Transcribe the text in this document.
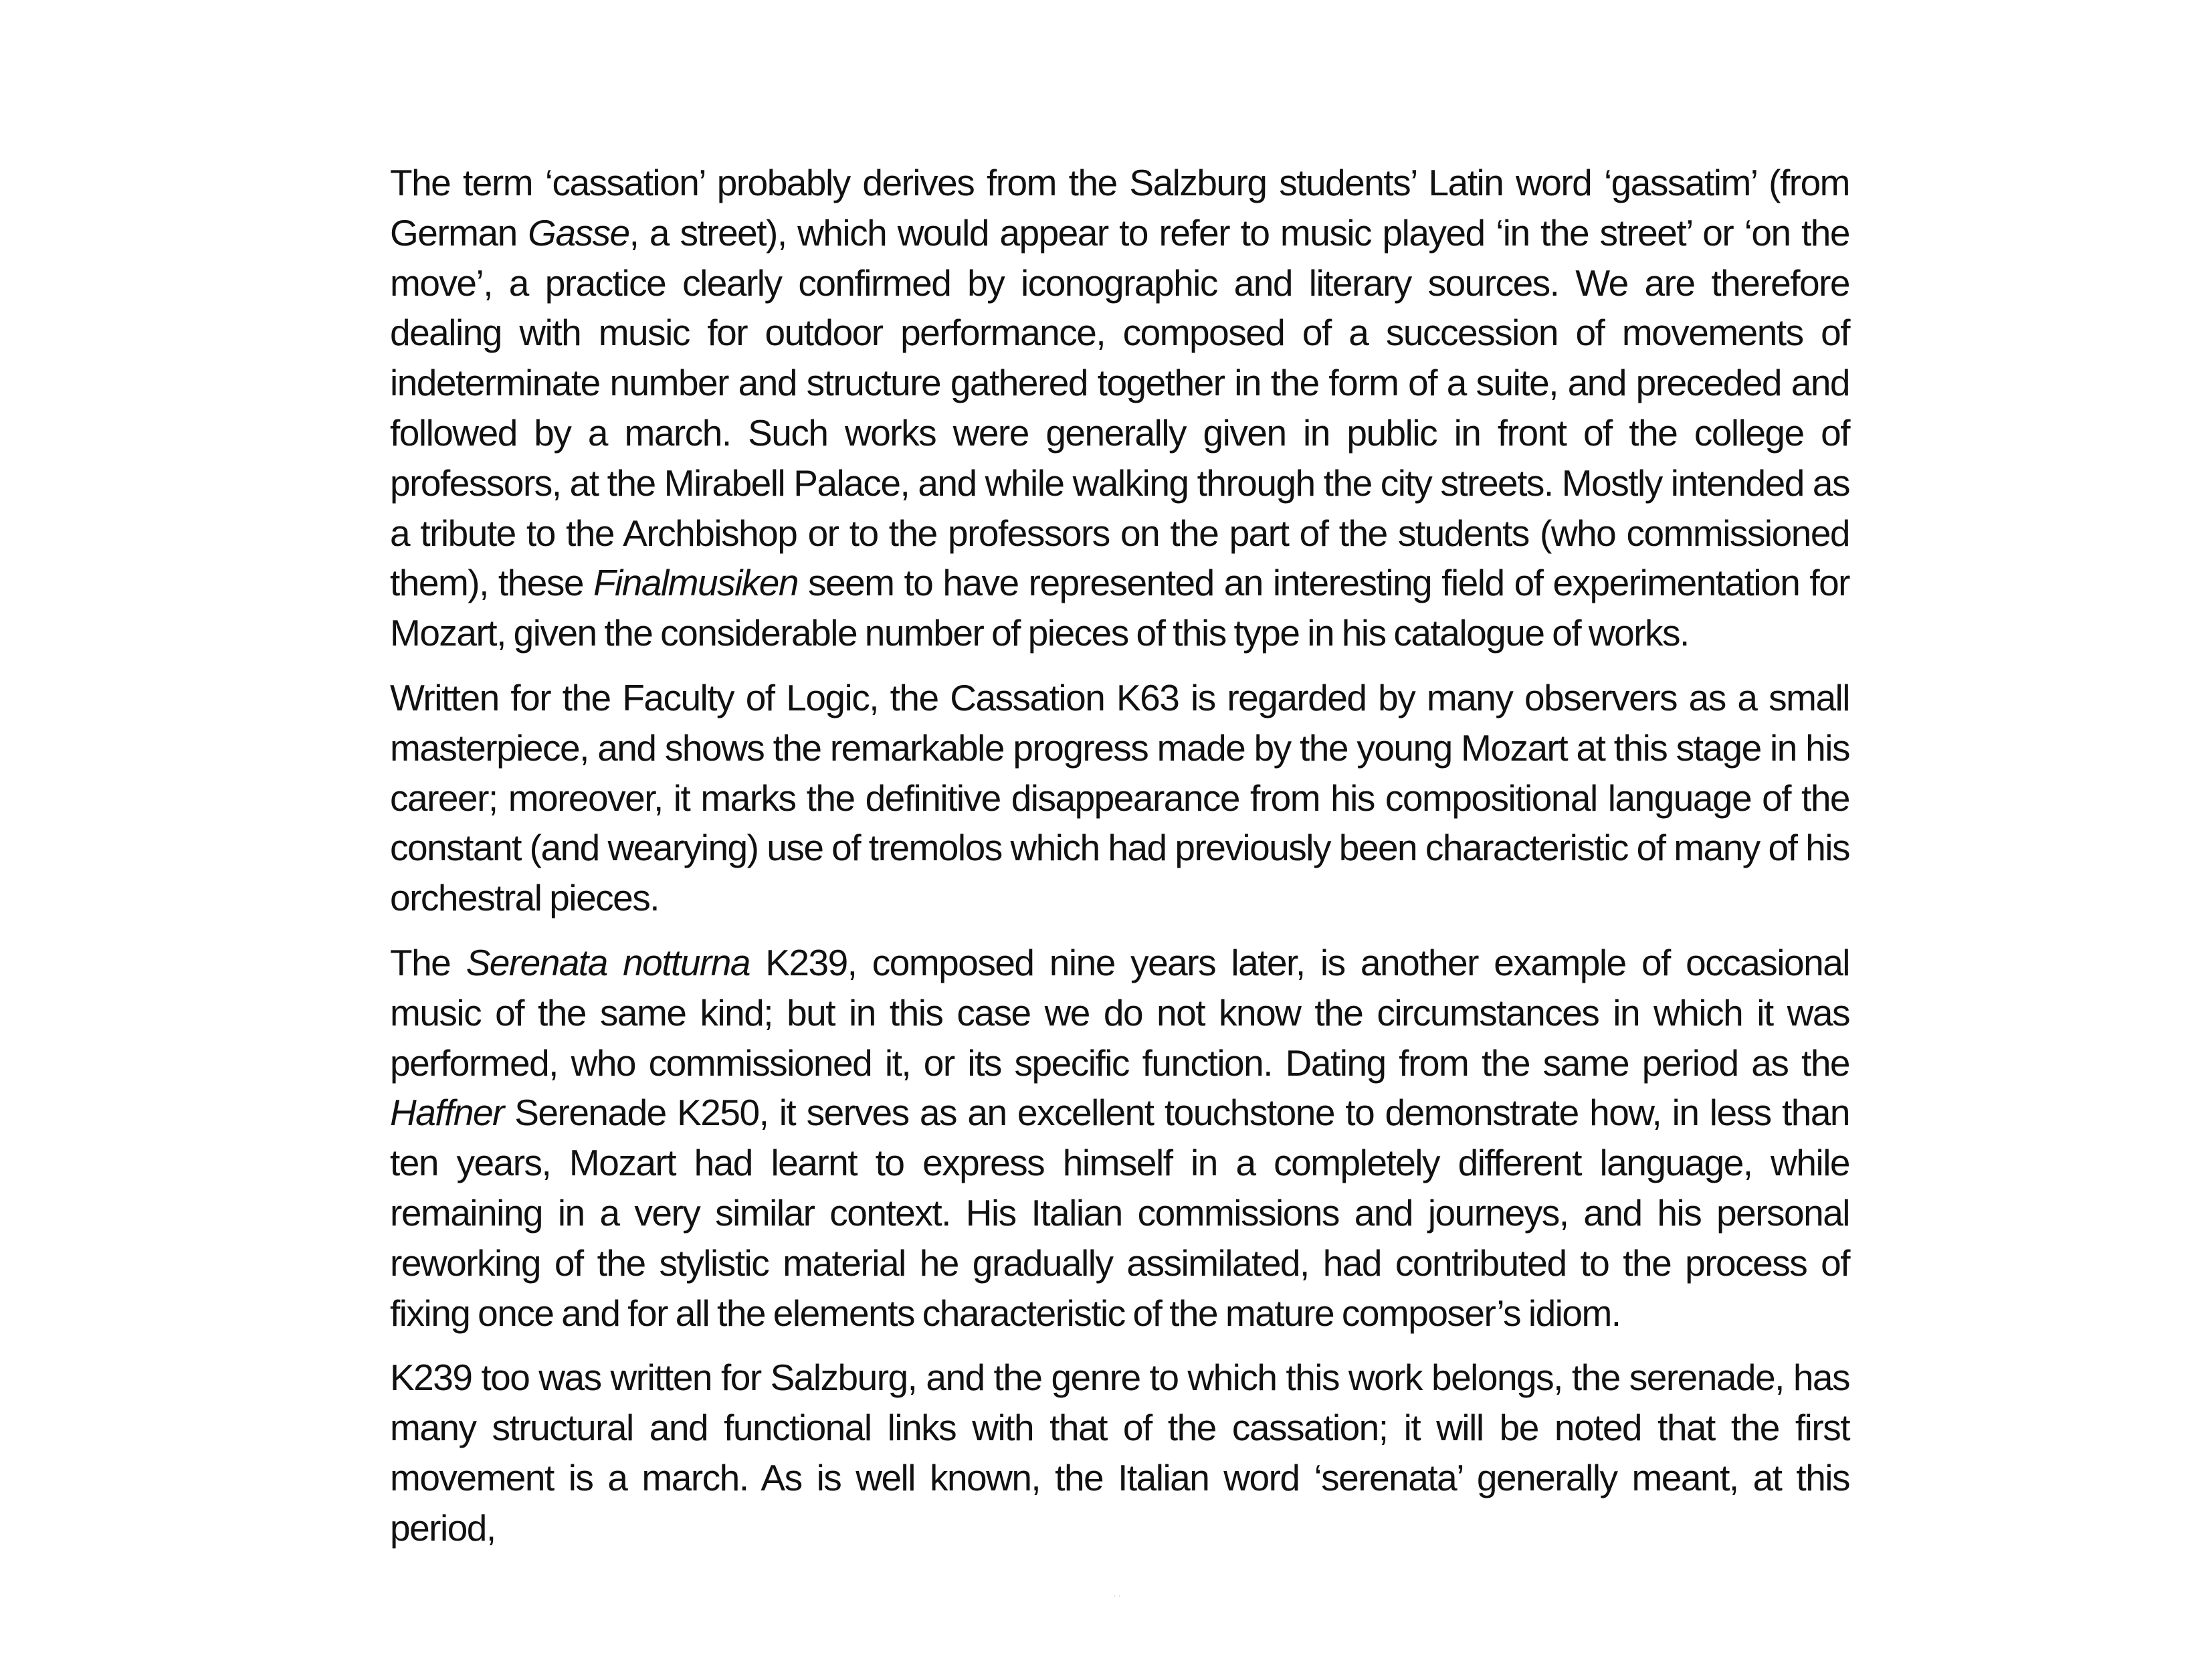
The term ‘cassation’ probably derives from the Salzburg students’ Latin word ‘gassatim’ (from German Gasse, a street), which would appear to refer to music played ‘in the street’ or ‘on the move’, a practice clearly confirmed by iconographic and literary sources. We are therefore dealing with music for outdoor performance, composed of a succession of movements of indeterminate number and structure gathered together in the form of a suite, and preceded and followed by a march. Such works were generally given in public in front of the college of professors, at the Mirabell Palace, and while walking through the city streets. Mostly intended as a tribute to the Archbishop or to the professors on the part of the students (who commissioned them), these Finalmusiken seem to have represented an interesting field of experimentation for Mozart, given the considerable number of pieces of this type in his catalogue of works.

Written for the Faculty of Logic, the Cassation K63 is regarded by many observers as a small masterpiece, and shows the remarkable progress made by the young Mozart at this stage in his career; moreover, it marks the definitive disappearance from his compositional language of the constant (and wearying) use of tremolos which had previously been characteristic of many of his orchestral pieces.

The Serenata notturna K239, composed nine years later, is another example of occasional music of the same kind; but in this case we do not know the circumstances in which it was performed, who commissioned it, or its specific function. Dating from the same period as the Haffner Serenade K250, it serves as an excellent touchstone to demonstrate how, in less than ten years, Mozart had learnt to express himself in a completely different language, while remaining in a very similar context. His Italian commissions and journeys, and his personal reworking of the stylistic material he gradually assimilated, had contributed to the process of fixing once and for all the elements characteristic of the mature composer’s idiom.

K239 too was written for Salzburg, and the genre to which this work belongs, the serenade, has many structural and functional links with that of the cassation; it will be noted that the first movement is a march. As is well known, the Italian word ‘serenata’ generally meant, at this period,

· ·
